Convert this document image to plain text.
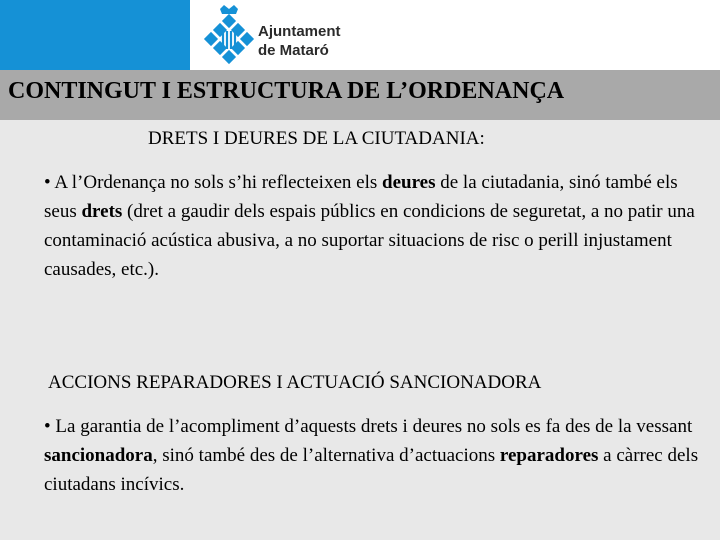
Ajuntament
de Mataró
CONTINGUT I ESTRUCTURA DE L’ORDENANÇA
DRETS I DEURES DE LA CIUTADANIA:
• A l’Ordenança no sols s’hi reflecteixen els deures de la ciutadania, sinó també els seus drets (dret a gaudir dels espais públics en condicions de seguretat, a no patir una contaminació acústica abusiva, a no suportar situacions de risc o perill injustament causades, etc.).
ACCIONS REPARADORES I ACTUACIÓ SANCIONADORA
• La garantia de l’acompliment d’aquests drets i deures no sols es fa des de la vessant sancionadora, sinó també des de l’alternativa d’actuacions reparadores a càrrec dels ciutadans incívics.
